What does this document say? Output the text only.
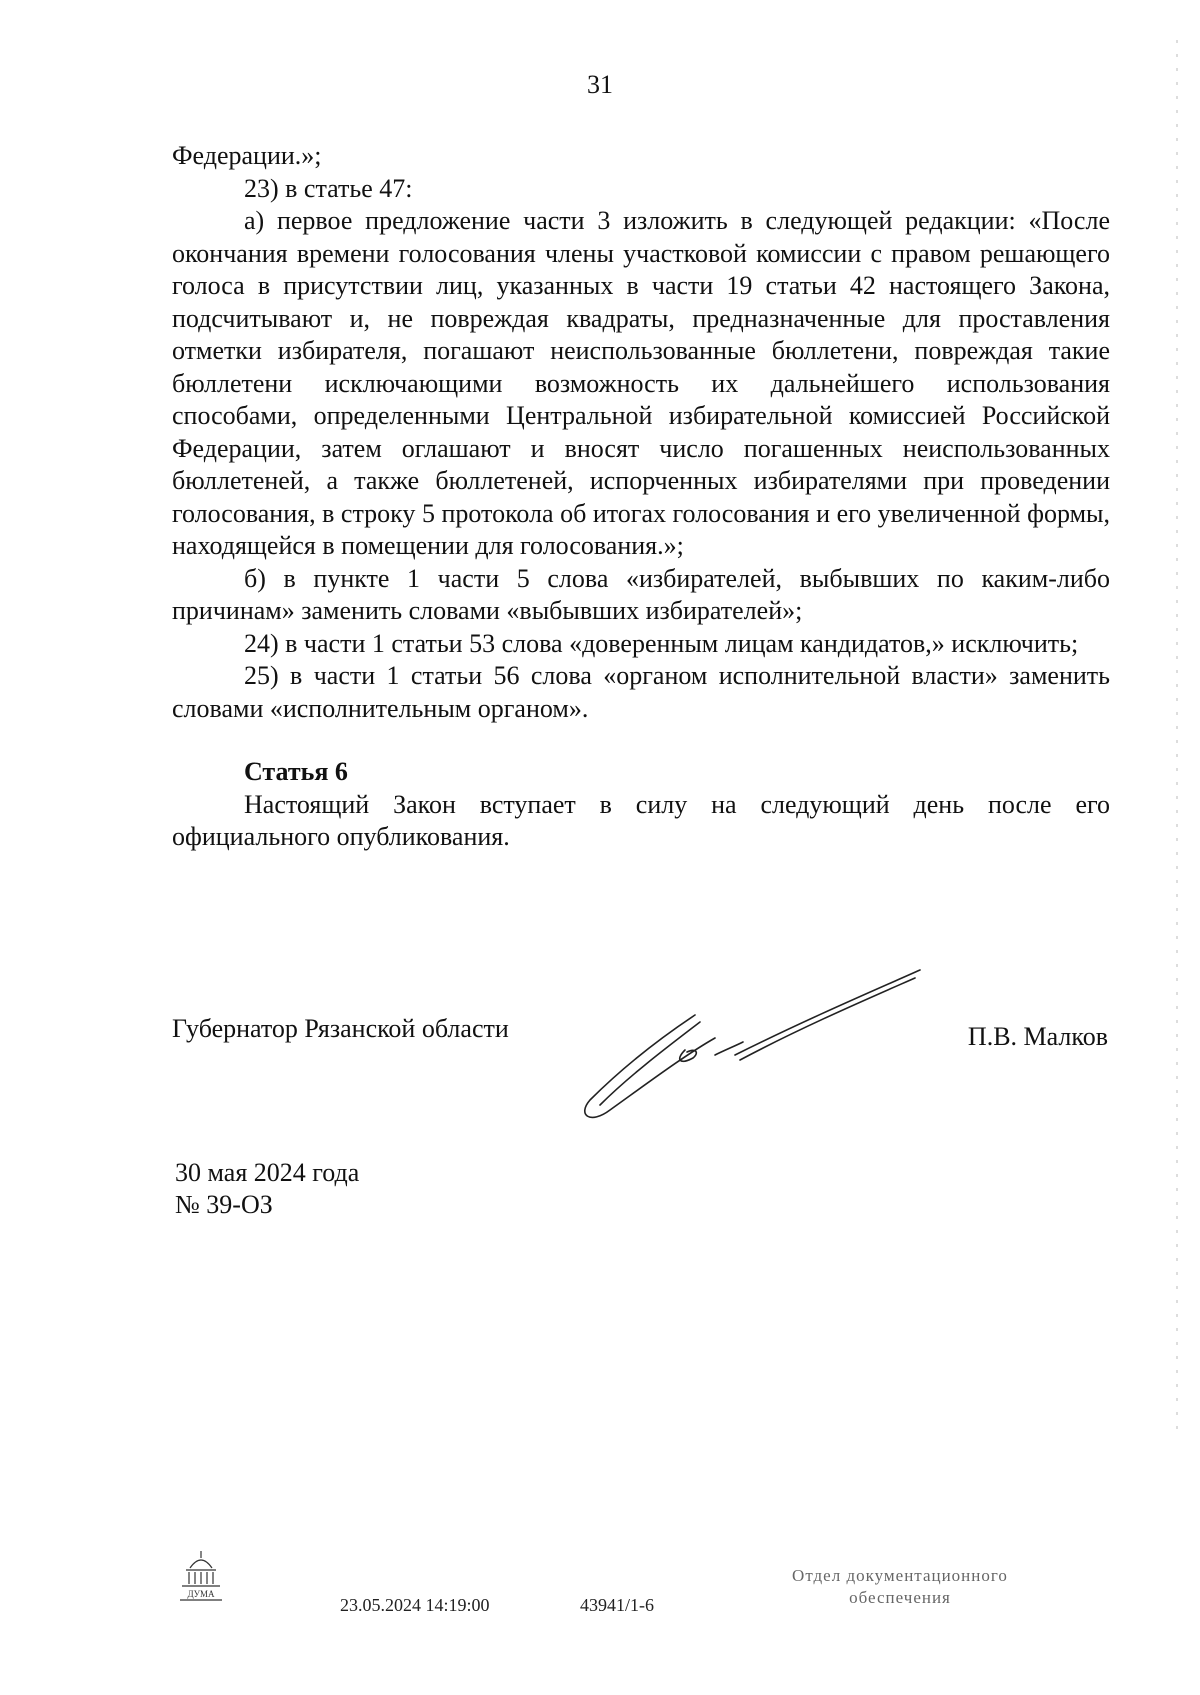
31

Федерации.»;

23) в статье 47:

а) первое предложение части 3 изложить в следующей редакции: «После окончания времени голосования члены участковой комиссии с правом решающего голоса в присутствии лиц, указанных в части 19 статьи 42 настоящего Закона, подсчитывают и, не повреждая квадраты, предназначенные для проставления отметки избирателя, погашают неиспользованные бюллетени, повреждая такие бюллетени исключающими возможность их дальнейшего использования способами, определенными Центральной избирательной комиссией Российской Федерации, затем оглашают и вносят число погашенных неиспользованных бюллетеней, а также бюллетеней, испорченных избирателями при проведении голосования, в строку 5 протокола об итогах голосования и его увеличенной формы, находящейся в помещении для голосования.»;

б) в пункте 1 части 5 слова «избирателей, выбывших по каким-либо причинам» заменить словами «выбывших избирателей»;

24) в части 1 статьи 53 слова «доверенным лицам кандидатов,» исключить;

25) в части 1 статьи 56 слова «органом исполнительной власти» заменить словами «исполнительным органом».

Статья 6

Настоящий Закон вступает в силу на следующий день после его официального опубликования.

Губернатор Рязанской области	П.В. Малков
30 мая 2024 года
№ 39-ОЗ
ДУМА
23.05.2024 14:19:00	43941/1-6
Отдел документационного
обеспечения
